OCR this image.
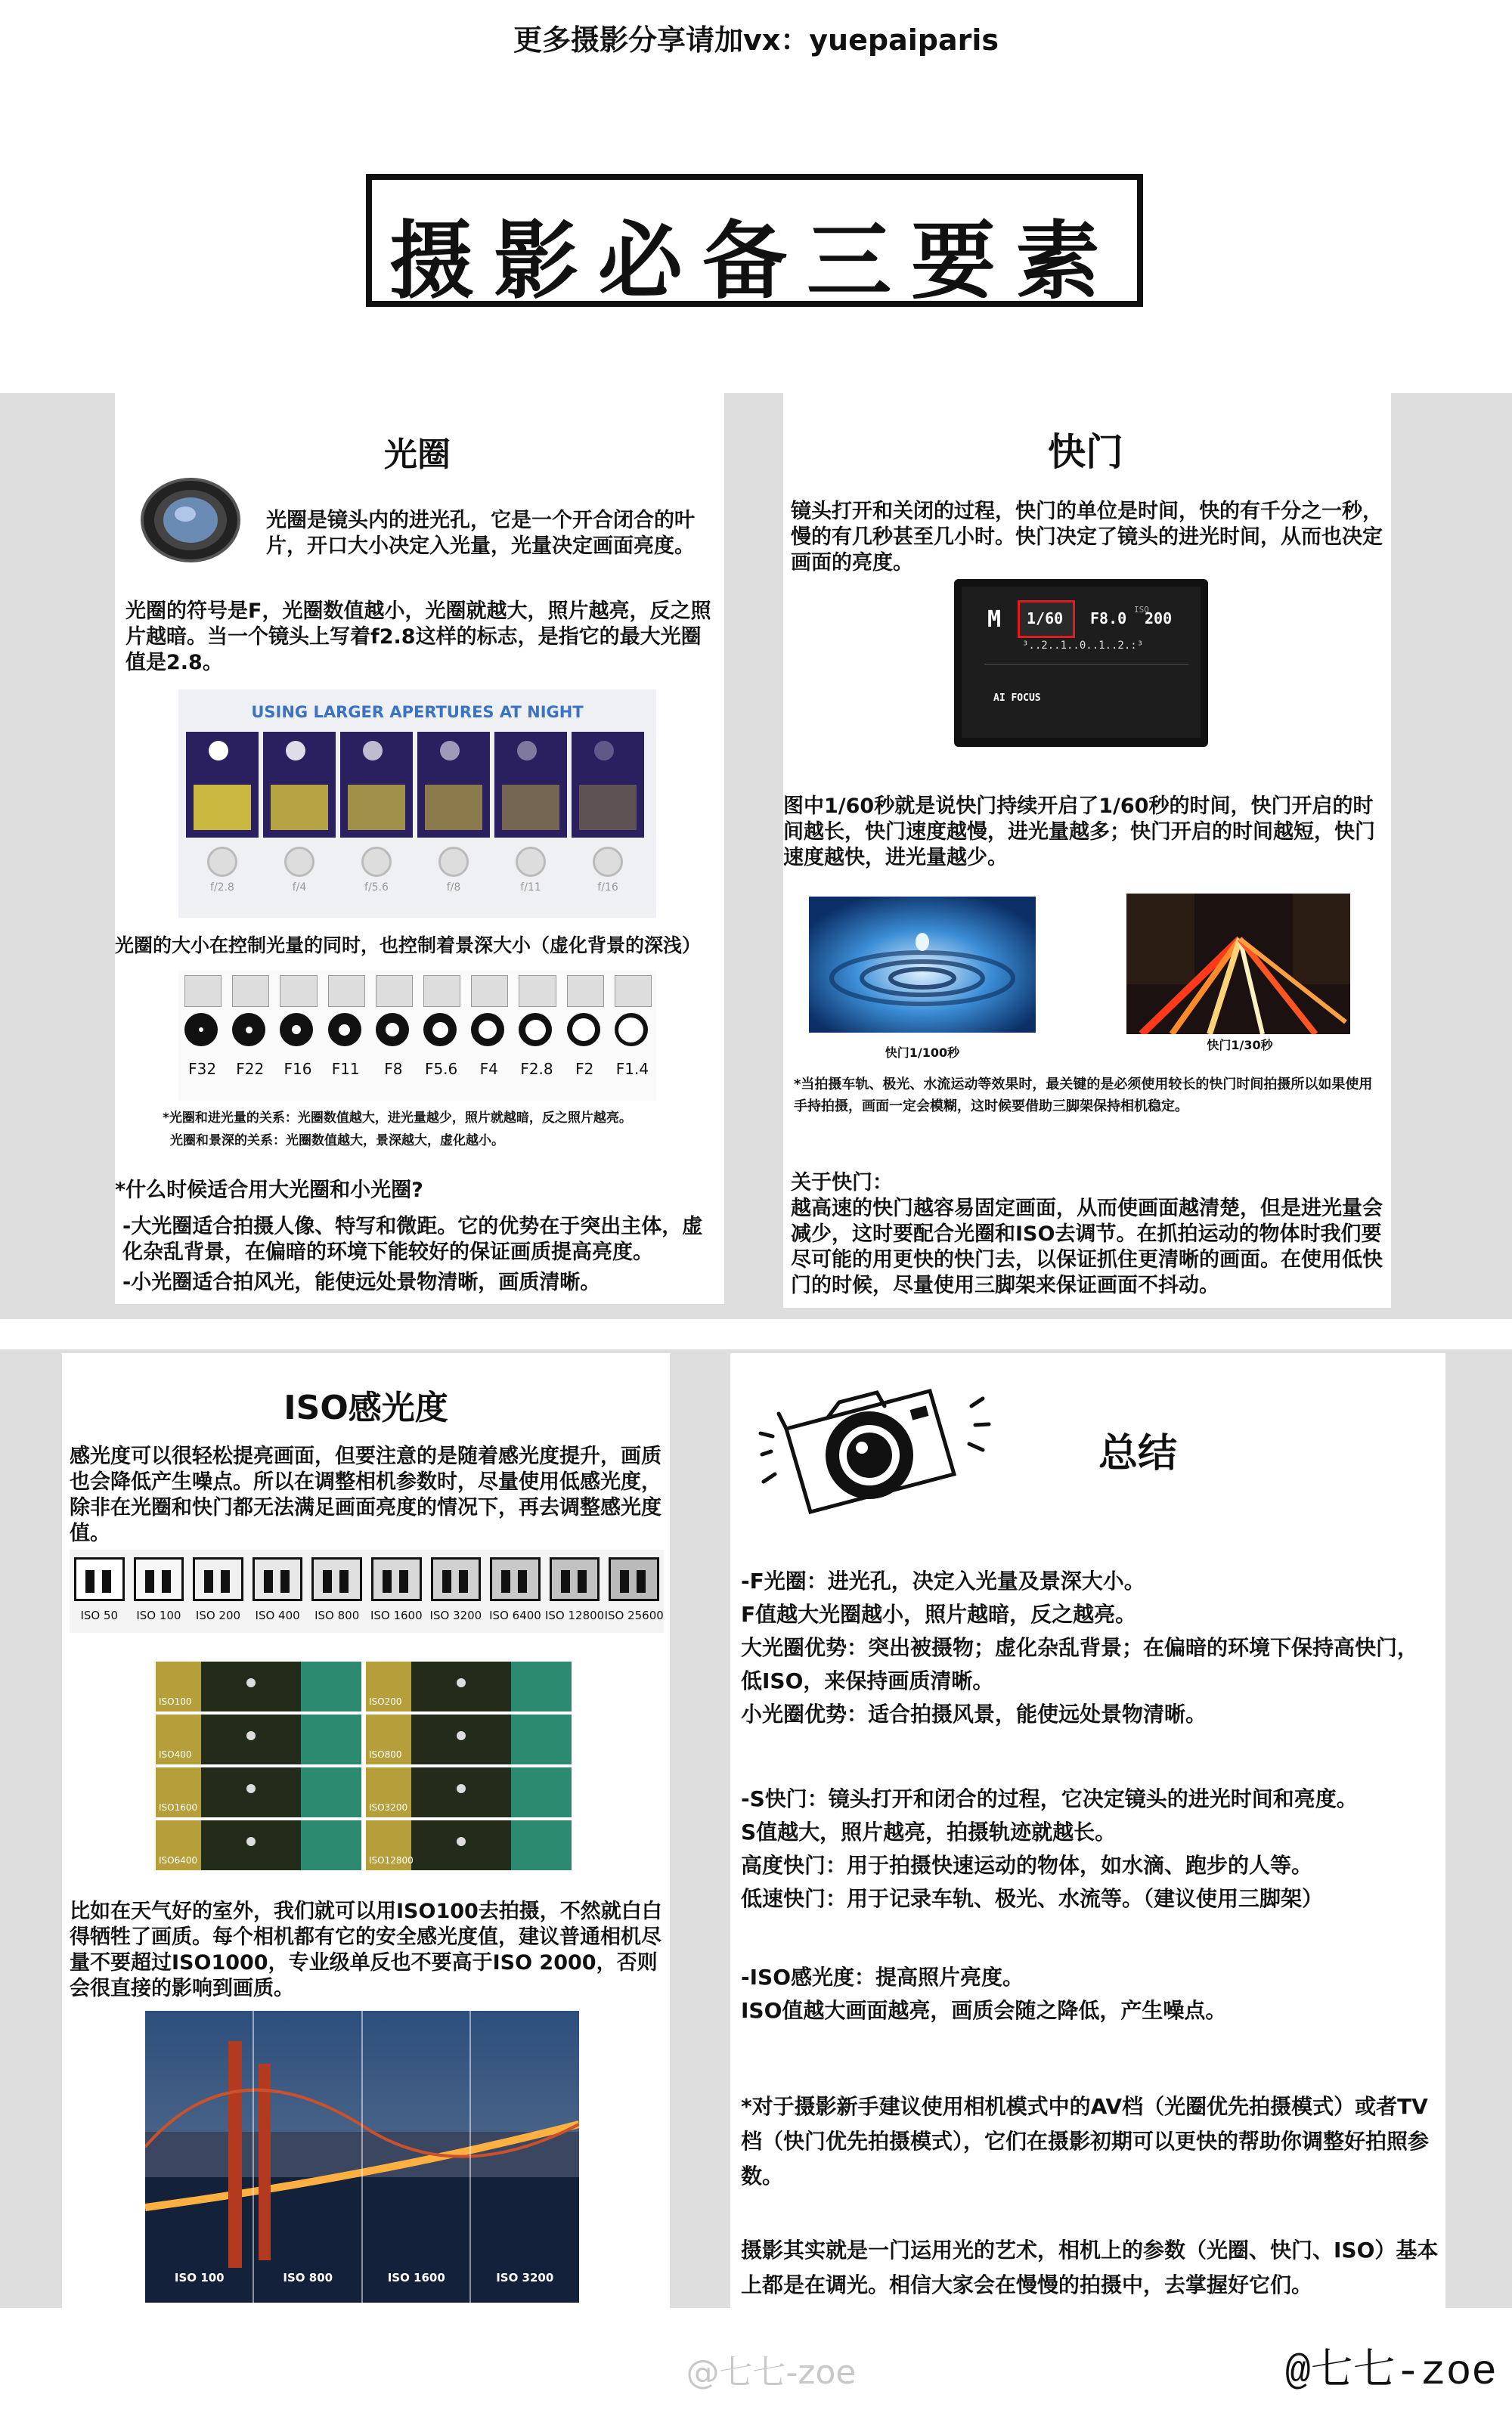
更多摄影分享请加vx：yuepaiparis
摄影必备三要素
光圈
光圈是镜头内的进光孔，它是一个开合闭合的叶片，开口大小决定入光量，光量决定画面亮度。
光圈的符号是F，光圈数值越小，光圈就越大，照片越亮，反之照片越暗。当一个镜头上写着f2.8这样的标志，是指它的最大光圈值是2.8。
USING LARGER APERTURES AT NIGHT
f/2.8	f/4	f/5.6	f/8	f/11	f/16
光圈的大小在控制光量的同时，也控制着景深大小（虚化背景的深浅）
F32	F22	F16	F11	F8	F5.6	F4	F2.8	F2	F1.4
*光圈和进光量的关系：光圈数值越大，进光量越少，照片就越暗，反之照片越亮。
光圈和景深的关系：光圈数值越大，景深越大，虚化越小。
*什么时候适合用大光圈和小光圈?
-大光圈适合拍摄人像、特写和微距。它的优势在于突出主体，虚化杂乱背景，在偏暗的环境下能较好的保证画质提高亮度。
-小光圈适合拍风光，能使远处景物清晰，画质清晰。
快门
镜头打开和关闭的过程，快门的单位是时间，快的有千分之一秒，慢的有几秒甚至几小时。快门决定了镜头的进光时间，从而也决定画面的亮度。
M 1/60 F8.0 ISO
200
³..2..1..0..1..2.:³
AI FOCUS
图中1/60秒就是说快门持续开启了1/60秒的时间，快门开启的时间越长，快门速度越慢，进光量越多；快门开启的时间越短，快门速度越快，进光量越少。
快门1/100秒
快门1/30秒
*当拍摄车轨、极光、水流运动等效果时，最关键的是必须使用较长的快门时间拍摄所以如果使用手持拍摄，画面一定会模糊，这时候要借助三脚架保持相机稳定。
关于快门：
越高速的快门越容易固定画面，从而使画面越清楚，但是进光量会减少，这时要配合光圈和ISO去调节。在抓拍运动的物体时我们要尽可能的用更快的快门去，以保证抓住更清晰的画面。在使用低快门的时候，尽量使用三脚架来保证画面不抖动。
ISO感光度
感光度可以很轻松提亮画面，但要注意的是随着感光度提升，画质也会降低产生噪点。所以在调整相机参数时，尽量使用低感光度，除非在光圈和快门都无法满足画面亮度的情况下，再去调整感光度值。
ISO 50	ISO 100	ISO 200	ISO 400	ISO 800 ISO 1600 ISO 3200 ISO 6400 ISO 12800 ISO 25600
ISO100	ISO200
ISO400	ISO800
ISO1600	ISO3200
ISO6400	ISO12800
比如在天气好的室外，我们就可以用ISO100去拍摄，不然就白白得牺牲了画质。每个相机都有它的安全感光度值，建议普通相机尽量不要超过ISO1000，专业级单反也不要高于ISO 2000，否则会很直接的影响到画质。
ISO 100	ISO 800	ISO 1600	ISO 3200
总结
-F光圈：进光孔，决定入光量及景深大小。
F值越大光圈越小，照片越暗，反之越亮。
大光圈优势：突出被摄物；虚化杂乱背景；在偏暗的环境下保持高快门，低ISO，来保持画质清晰。
小光圈优势：适合拍摄风景，能使远处景物清晰。
-S快门：镜头打开和闭合的过程，它决定镜头的进光时间和亮度。
S值越大，照片越亮，拍摄轨迹就越长。
高度快门：用于拍摄快速运动的物体，如水滴、跑步的人等。
低速快门：用于记录车轨、极光、水流等。（建议使用三脚架）
-ISO感光度：提高照片亮度。
ISO值越大画面越亮，画质会随之降低，产生噪点。
*对于摄影新手建议使用相机模式中的AV档（光圈优先拍摄模式）或者TV档（快门优先拍摄模式），它们在摄影初期可以更快的帮助你调整好拍照参数。
摄影其实就是一门运用光的艺术，相机上的参数（光圈、快门、ISO）基本上都是在调光。相信大家会在慢慢的拍摄中，去掌握好它们。
@七七-zoe	@七七-zoe
